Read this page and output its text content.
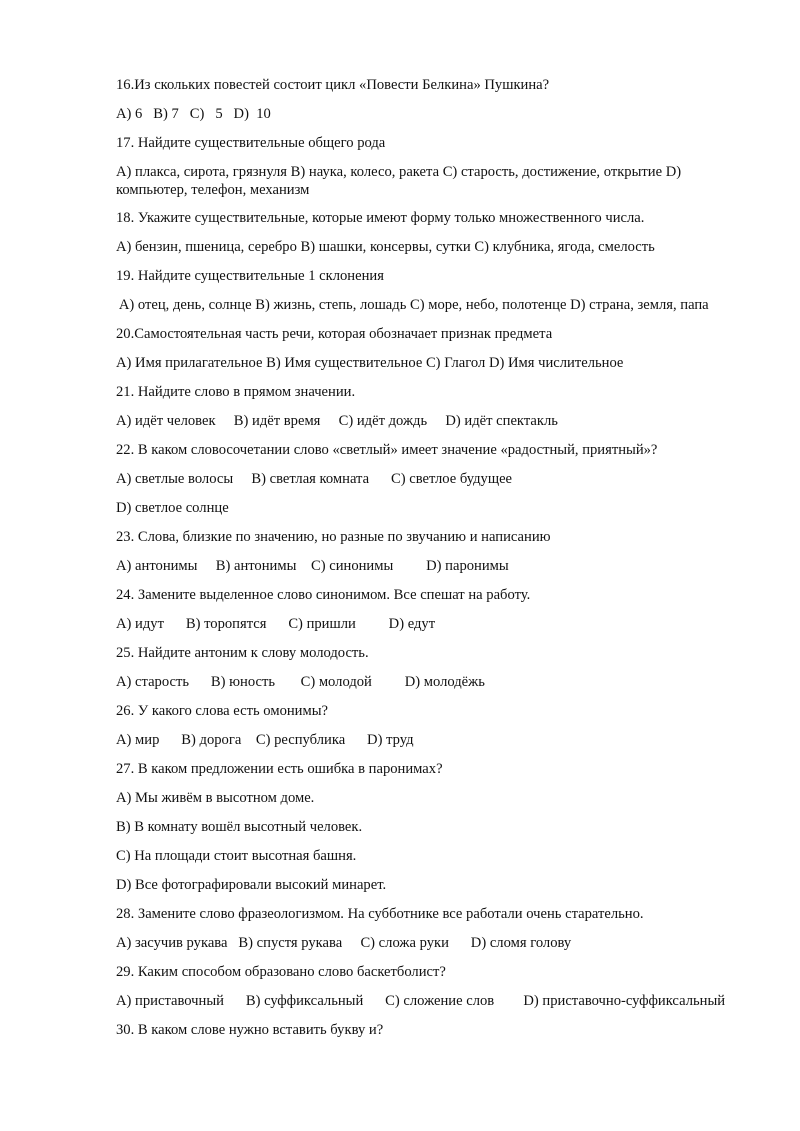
16.Из скольких повестей состоит цикл «Повести Белкина» Пушкина?

A) 6   B) 7   C)   5   D)  10

17. Найдите существительные общего рода

A) плакса, сирота, грязнуля B) наука, колесо, ракета C) старость, достижение, открытие D) компьютер, телефон, механизм

18. Укажите существительные, которые имеют форму только множественного числа.

A) бензин, пшеница, серебро B) шашки, консервы, сутки C) клубника, ягода, смелость

19. Найдите существительные 1 склонения

A) отец, день, солнце B) жизнь, степь, лошадь C) море, небо, полотенце D) страна, земля, папа

20.Самостоятельная часть речи, которая обозначает признак предмета

A) Имя прилагательное B) Имя существительное C) Глагол D) Имя числительное

21. Найдите слово в прямом значении.

A) идёт человек     B) идёт время     C) идёт дождь     D) идёт спектакль

22. В каком словосочетании слово «светлый» имеет значение «радостный, приятный»?

A) светлые волосы     B) светлая комната      C) светлое будущее

D) светлое солнце

23. Слова, близкие по значению, но разные по звучанию и написанию

A) антонимы     B) антонимы    C) синонимы         D) паронимы

24. Замените выделенное слово синонимом. Все спешат на работу.

A) идут      B) торопятся      C) пришли         D) едут

25. Найдите антоним к слову молодость.

A) старость      B) юность       C) молодой         D) молодёжь

26. У какого слова есть омонимы?

A) мир      B) дорога    C) республика      D) труд

27. В каком предложении есть ошибка в паронимах?

A) Мы живём в высотном доме.

B) В комнату вошёл высотный человек.

C) На площади стоит высотная башня.

D) Все фотографировали высокий минарет.

28. Замените слово фразеологизмом. На субботнике все работали очень старательно.

A) засучив рукава   B) спустя рукава     C) сложа руки      D) сломя голову

29. Каким способом образовано слово баскетболист?

A) приставочный      B) суффиксальный      C) сложение слов        D) приставочно-суффиксальный

30. В каком слове нужно вставить букву и?
